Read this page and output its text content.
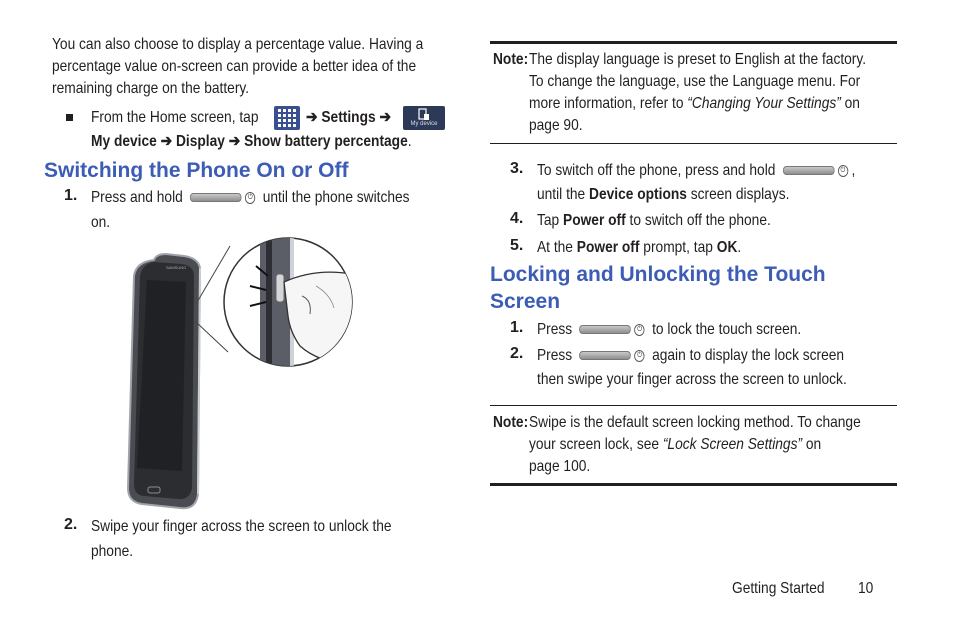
You can also choose to display a percentage value. Having a
percentage value on-screen can provide a better idea of the
remaining charge on the battery.
From the Home screen, tap	➔ Settings ➔	My device
My device ➔ Display ➔ Show battery percentage.
Switching the Phone On or Off
1. Press and hold	⏻ until the phone switches
on.
SAMSUNG
2. Swipe your finger across the screen to unlock the
phone.
Note: The display language is preset to English at the factory.
To change the language, use the Language menu. For
more information, refer to “Changing Your Settings” on
page 90.
3. To switch off the phone, press and hold	⏻ ,
until the Device options screen displays.
4. Tap Power off to switch off the phone.
5. At the Power off prompt, tap OK.
Locking and Unlocking the Touch
Screen
1. Press	⏻ to lock the touch screen.
2. Press	⏻ again to display the lock screen
then swipe your finger across the screen to unlock.
Note: Swipe is the default screen locking method. To change
your screen lock, see “Lock Screen Settings” on
page 100.
Getting Started	10
